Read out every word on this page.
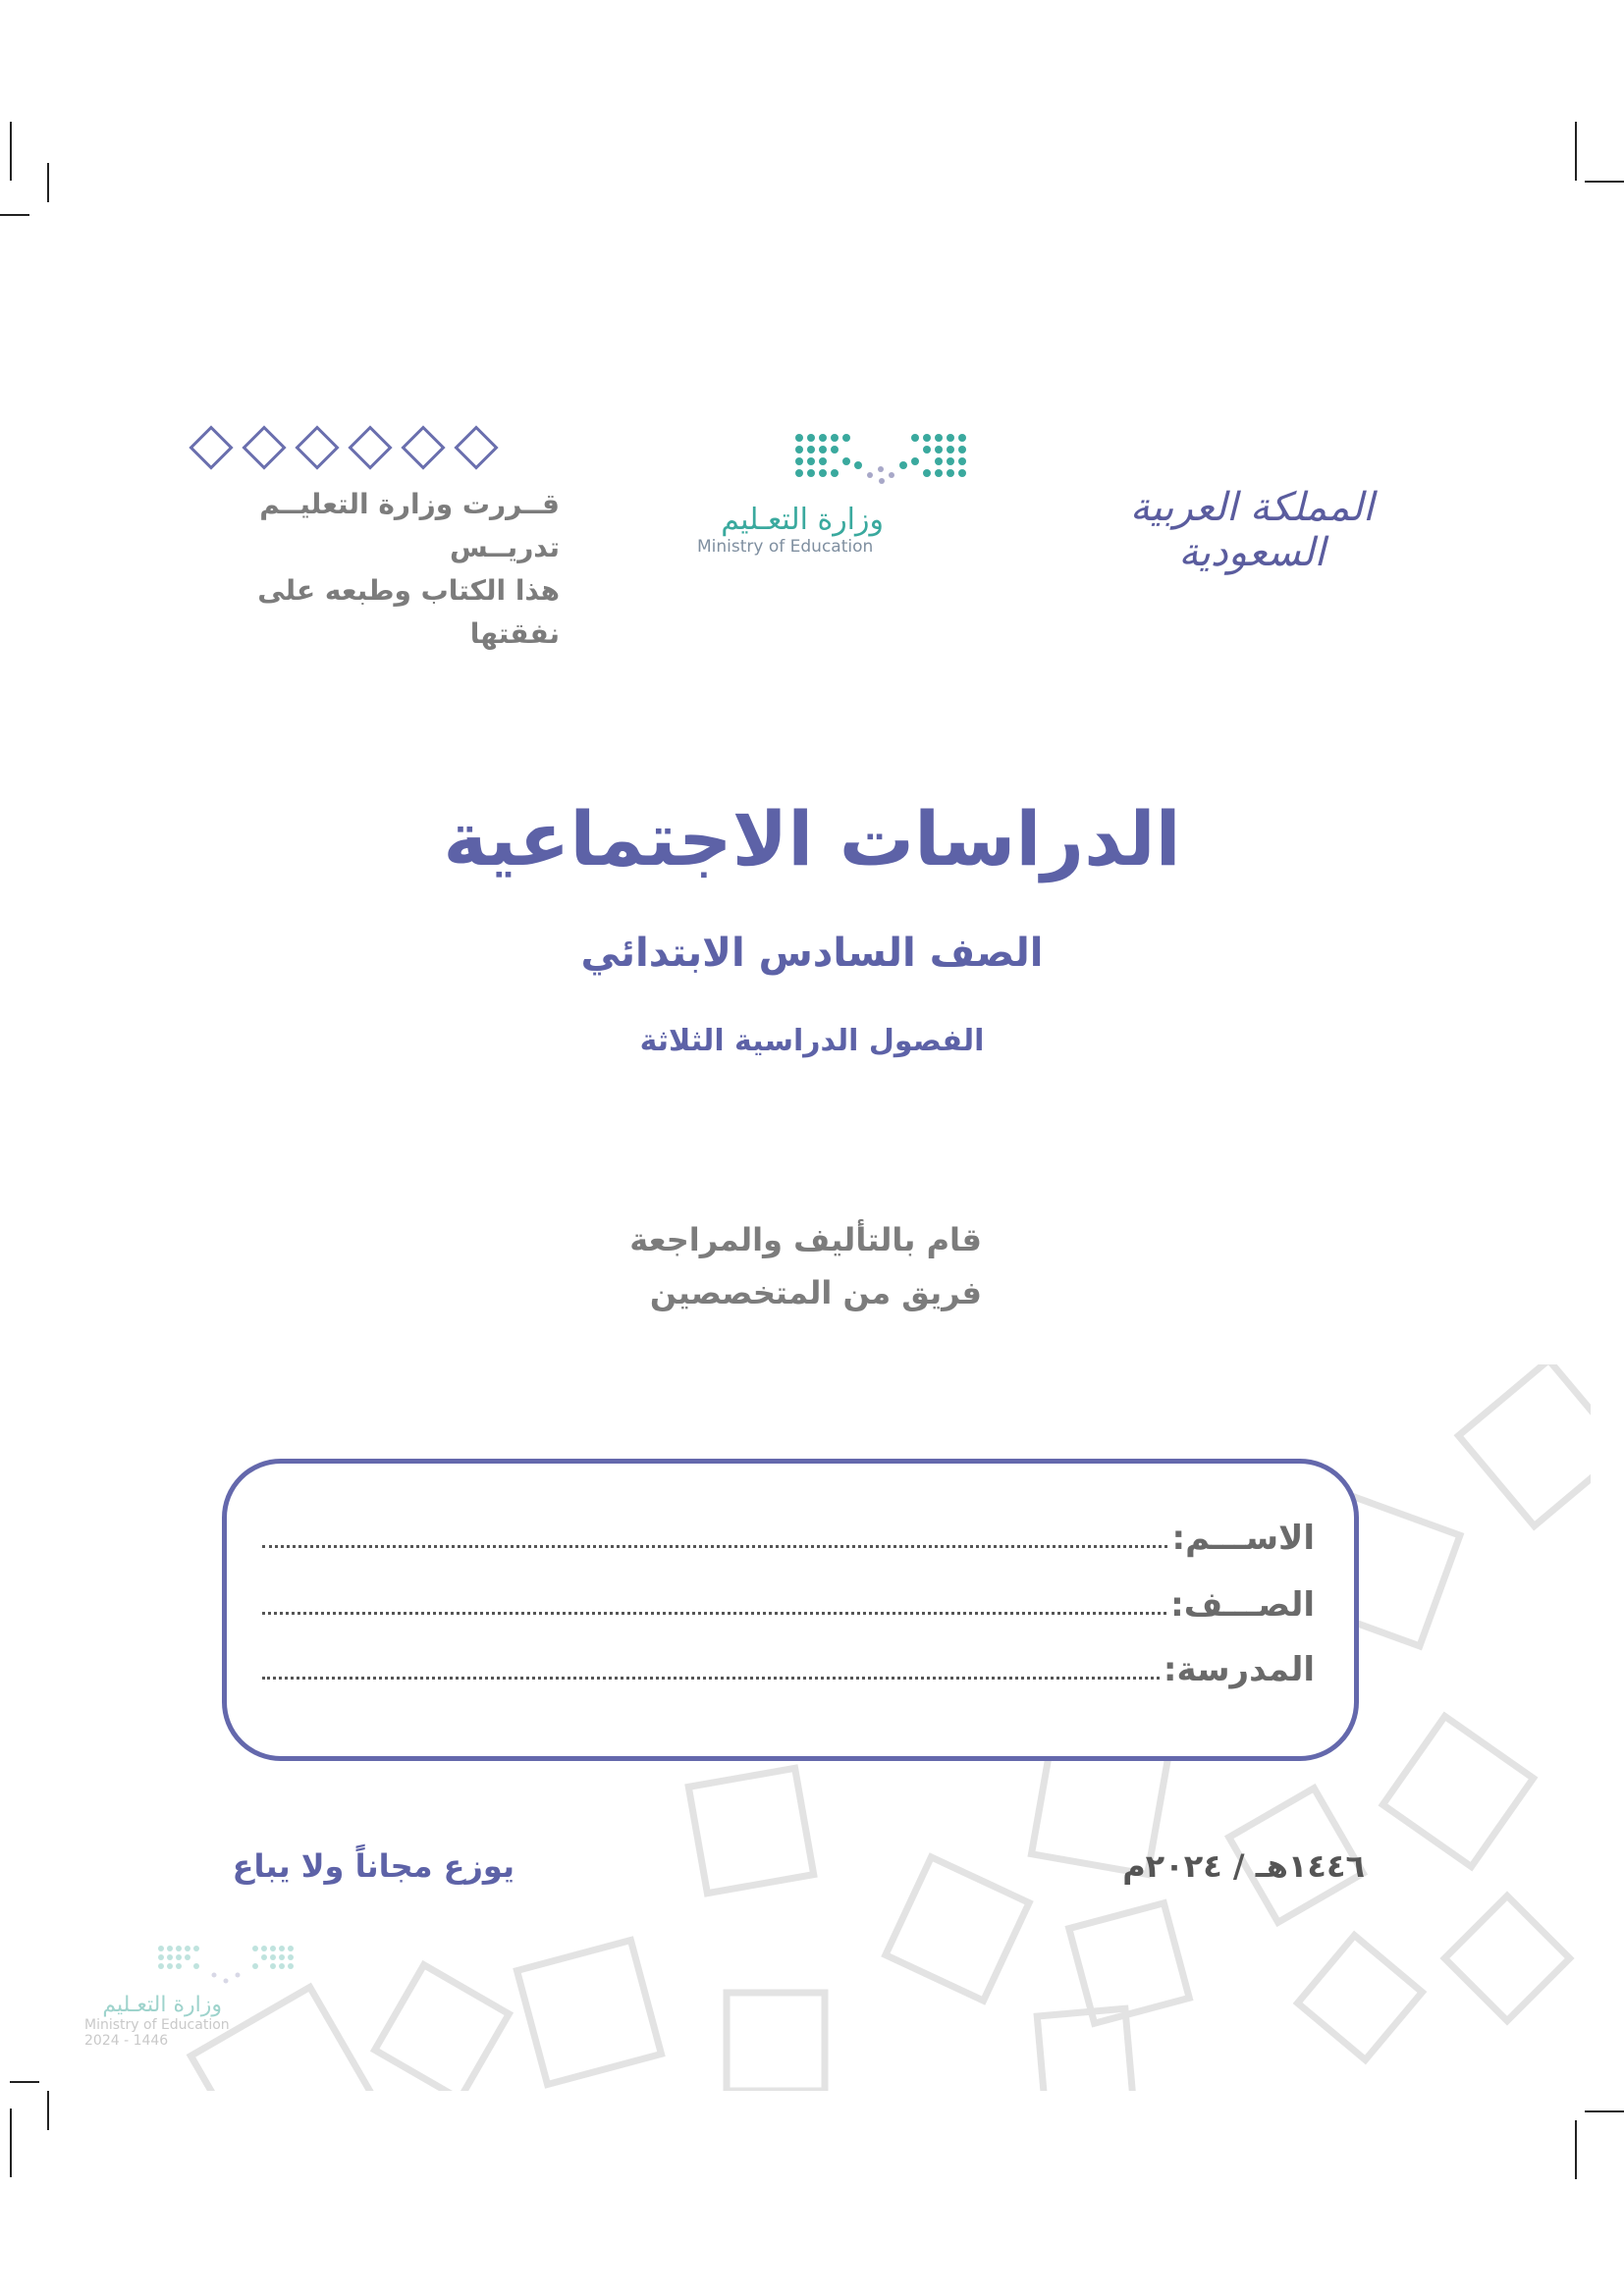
قــررت وزارة التعليــم تدريــس
هذا الكتاب وطبعه على نفقتها
وزارة التعـليم
Ministry of Education
المملكة العربية السعودية
الدراسات الاجتماعية
الصف السادس الابتدائي
الفصول الدراسية الثلاثة
قام بالتأليف والمراجعة
فريق من المتخصصين
الاســـم:
الصـــف:
المدرسة:
يوزع مجاناً ولا يباع	١٤٤٦هـ / ٢٠٢٤م
وزارة التعـليم
Ministry of Education
2024 - 1446
